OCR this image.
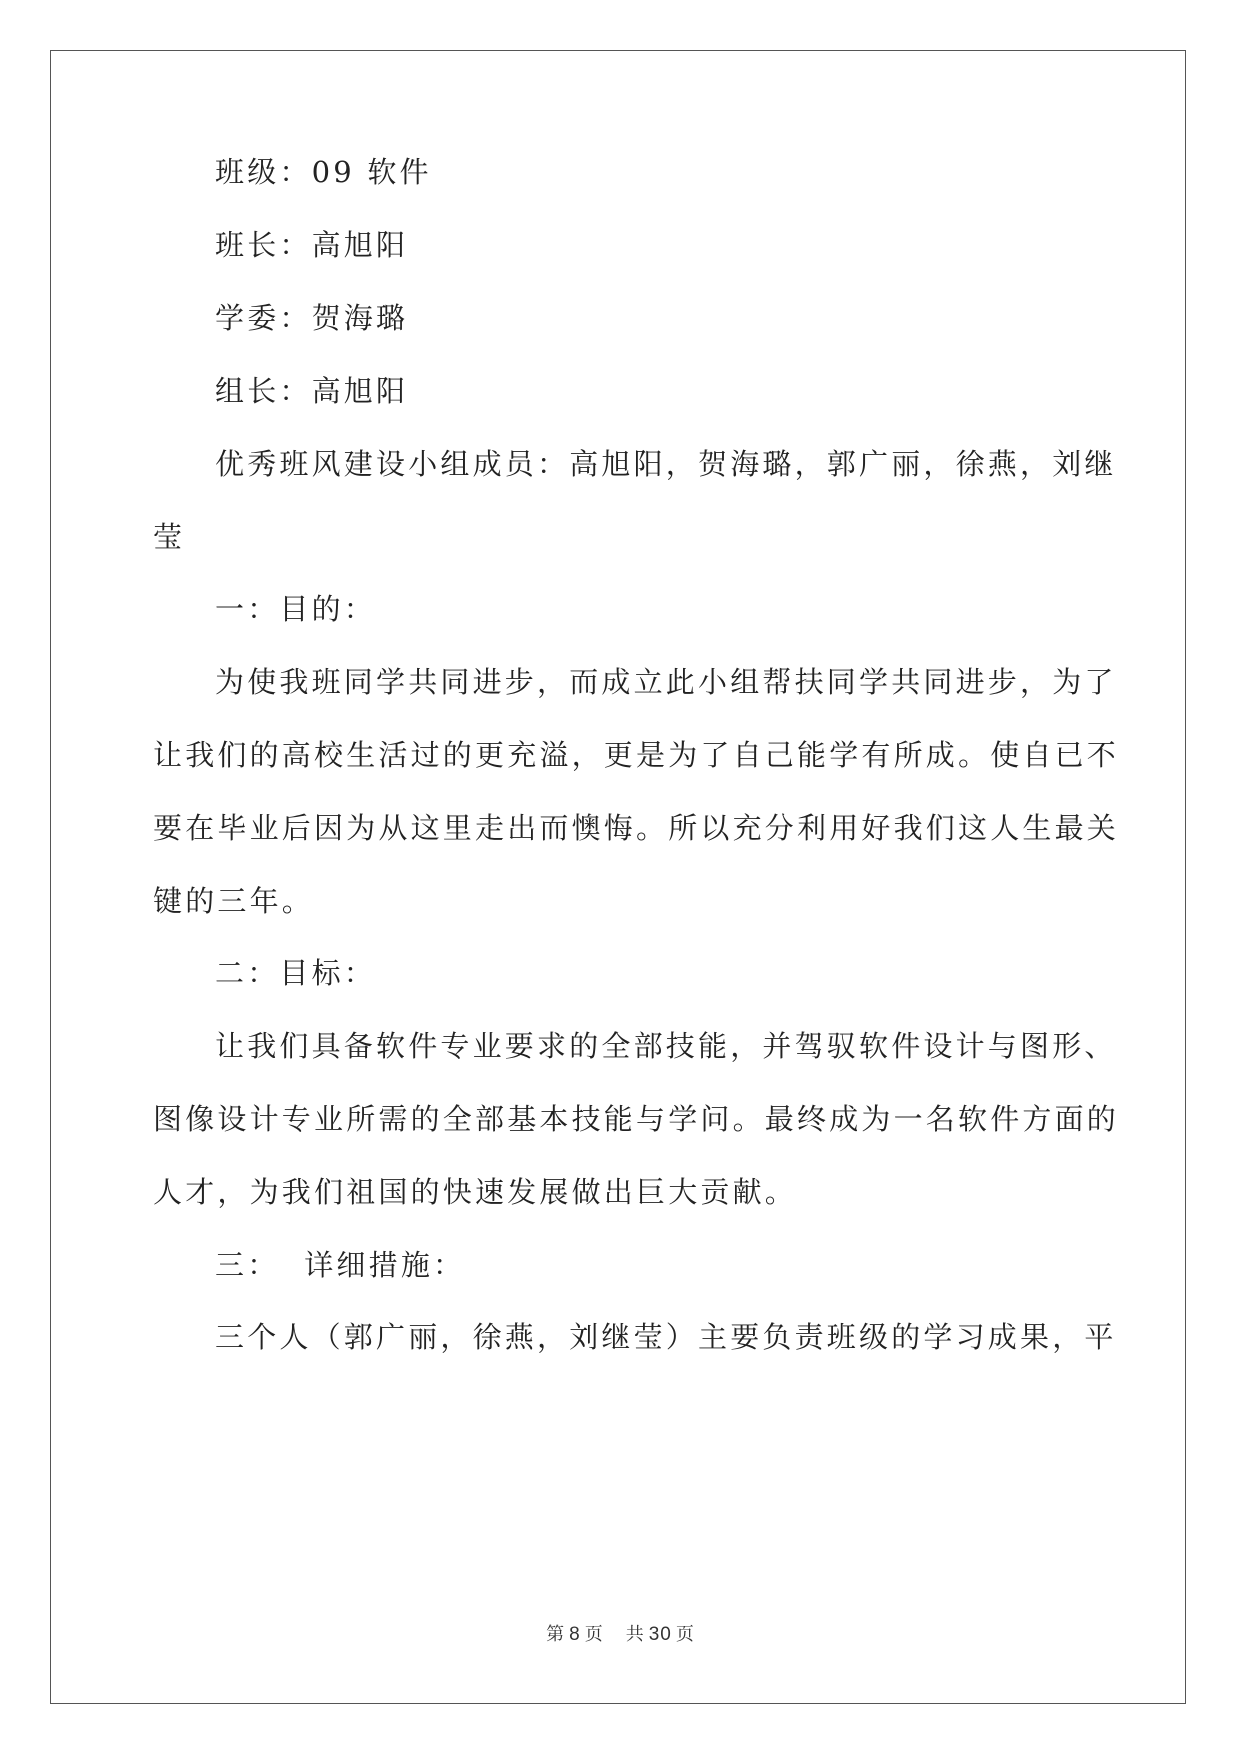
班级：09 软件
班长：高旭阳
学委：贺海璐
组长：高旭阳
优秀班风建设小组成员：高旭阳，贺海璐，郭广丽，徐燕，刘继
莹
一：目的：
为使我班同学共同进步，而成立此小组帮扶同学共同进步，为了
让我们的高校生活过的更充溢，更是为了自己能学有所成。使自已不
要在毕业后因为从这里走出而懊悔。所以充分利用好我们这人生最关
键的三年。
二：目标：
让我们具备软件专业要求的全部技能，并驾驭软件设计与图形、
图像设计专业所需的全部基本技能与学问。最终成为一名软件方面的
人才，为我们祖国的快速发展做出巨大贡献。
三：  详细措施：
三个人（郭广丽，徐燕，刘继莹）主要负责班级的学习成果，平
第 8 页 共 30 页
